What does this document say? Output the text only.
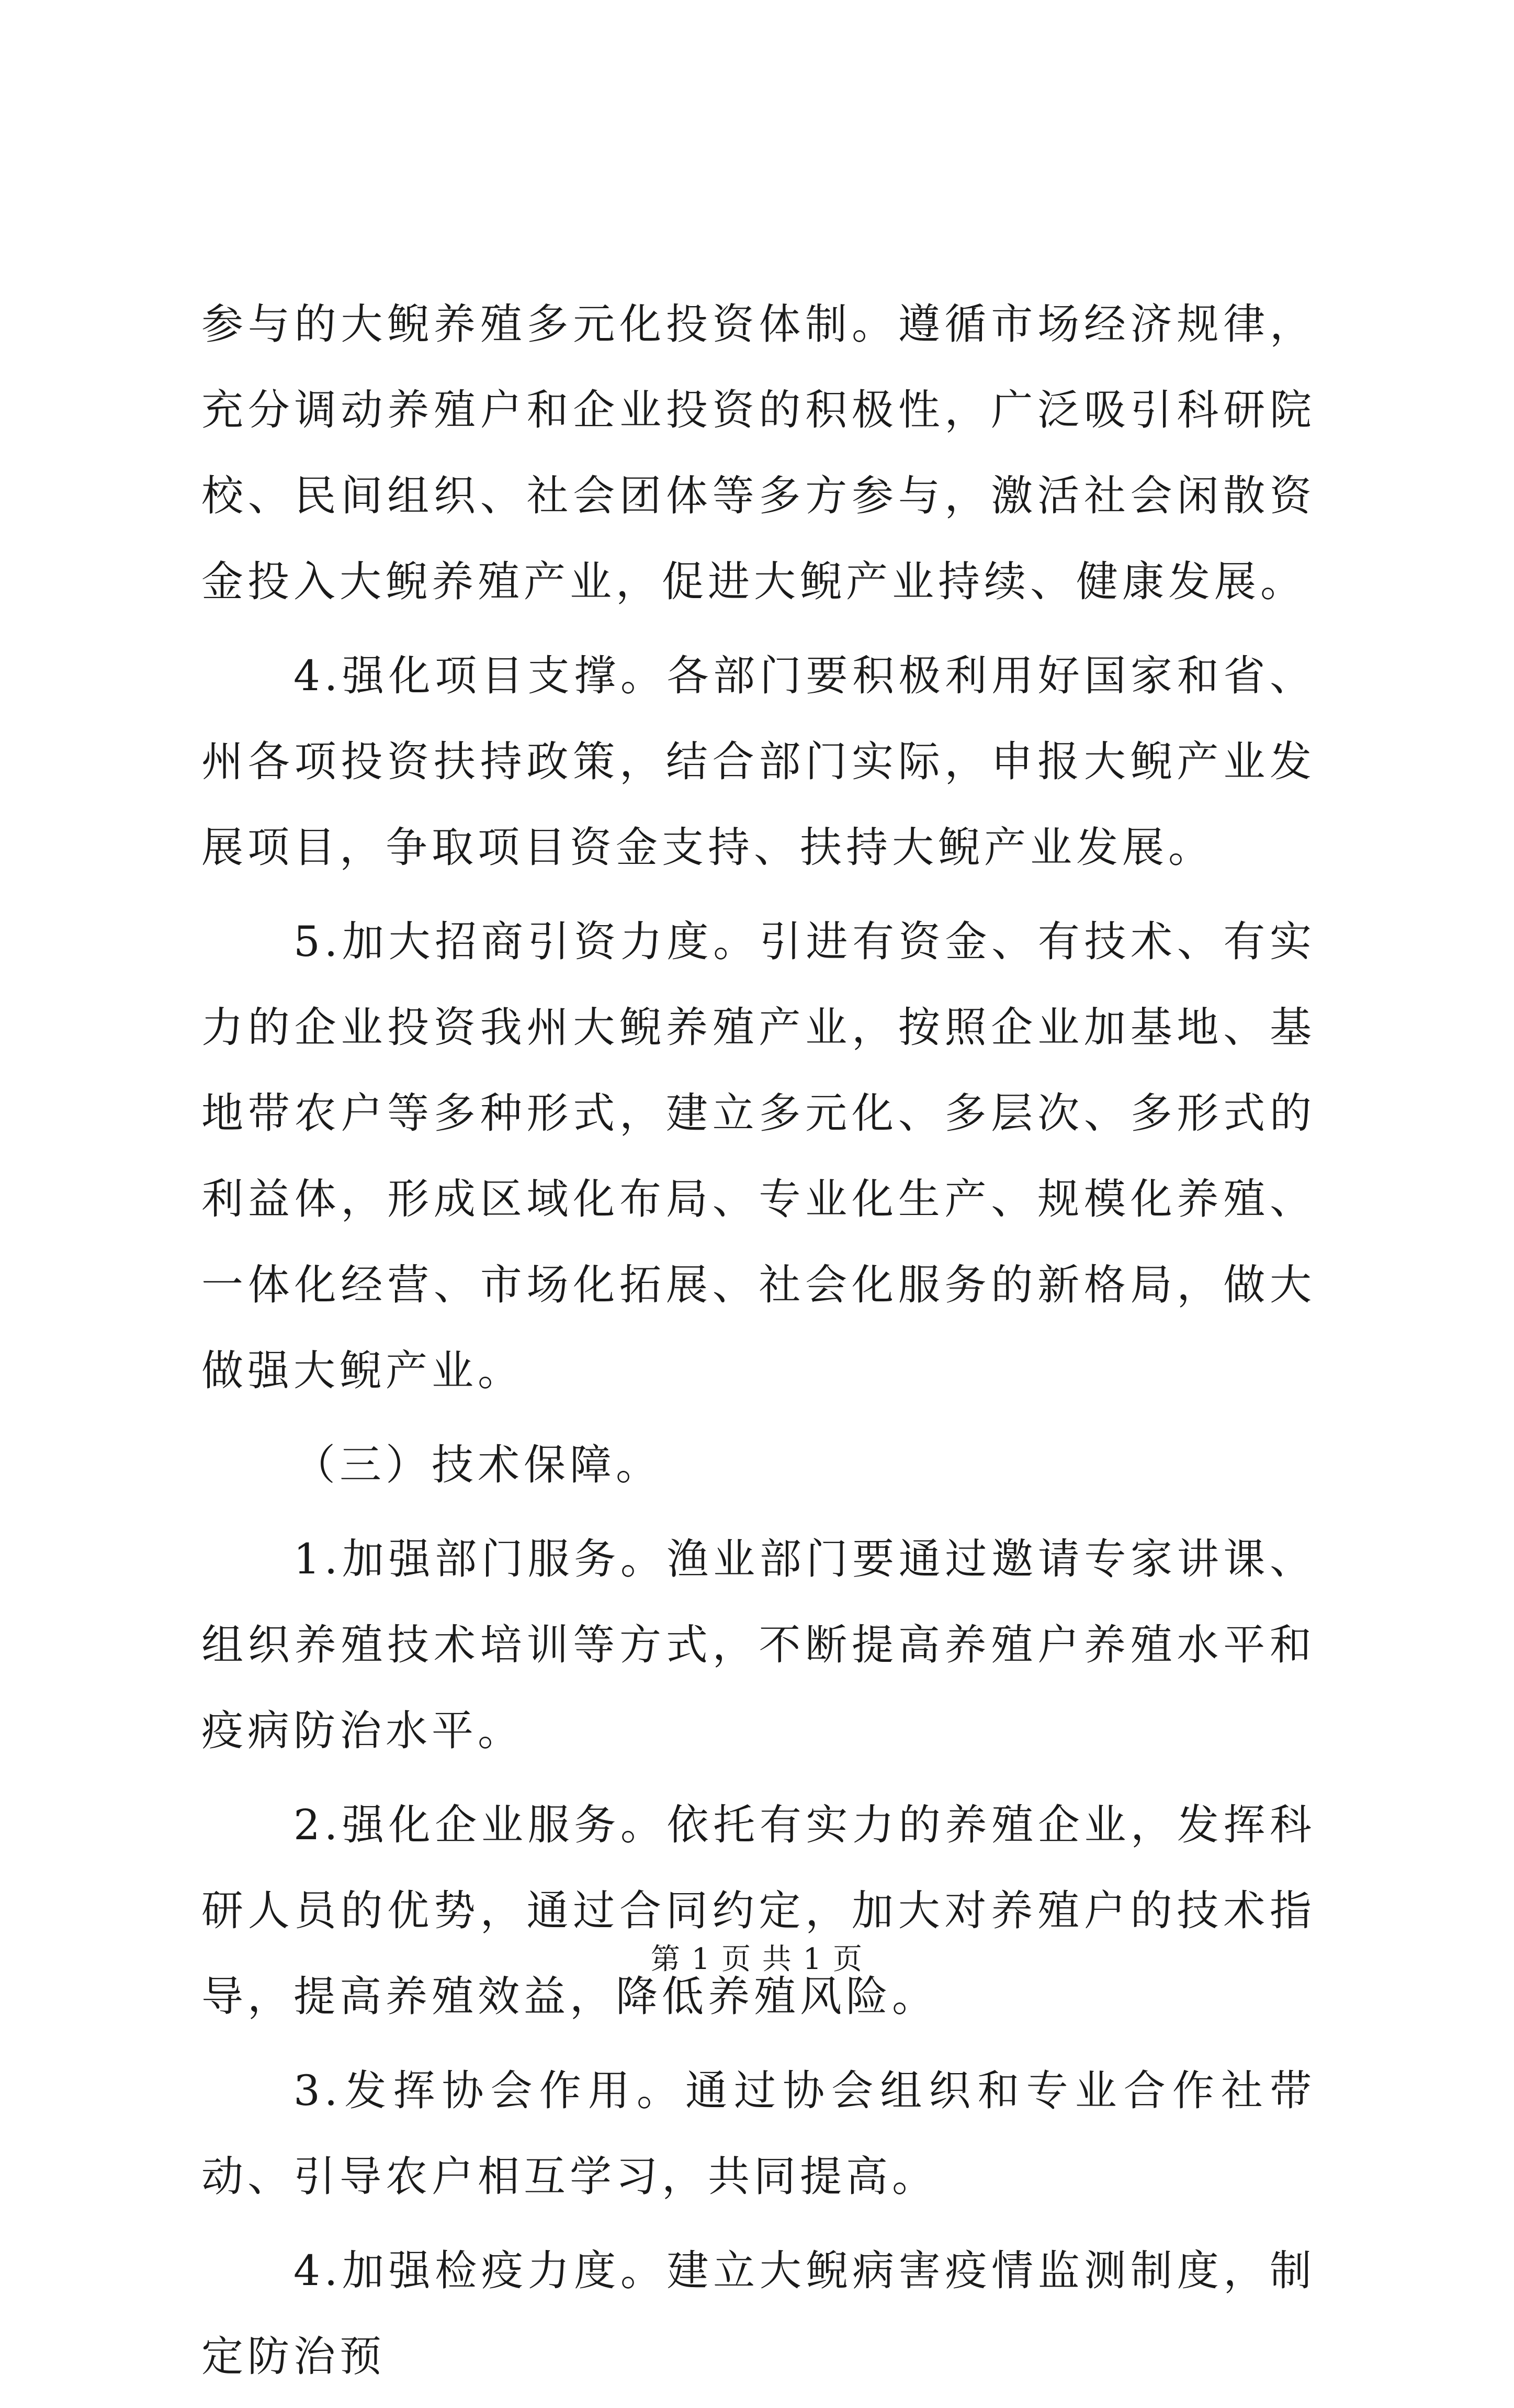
参与的大鲵养殖多元化投资体制。遵循市场经济规律，充分调动养殖户和企业投资的积极性，广泛吸引科研院校、民间组织、社会团体等多方参与，激活社会闲散资金投入大鲵养殖产业，促进大鲵产业持续、健康发展。

4.强化项目支撑。各部门要积极利用好国家和省、州各项投资扶持政策，结合部门实际，申报大鲵产业发展项目，争取项目资金支持、扶持大鲵产业发展。

5.加大招商引资力度。引进有资金、有技术、有实力的企业投资我州大鲵养殖产业，按照企业加基地、基地带农户等多种形式，建立多元化、多层次、多形式的利益体，形成区域化布局、专业化生产、规模化养殖、一体化经营、市场化拓展、社会化服务的新格局，做大做强大鲵产业。

（三）技术保障。

1.加强部门服务。渔业部门要通过邀请专家讲课、组织养殖技术培训等方式，不断提高养殖户养殖水平和疫病防治水平。

2.强化企业服务。依托有实力的养殖企业，发挥科研人员的优势，通过合同约定，加大对养殖户的技术指导，提高养殖效益，降低养殖风险。

3.发挥协会作用。通过协会组织和专业合作社带动、引导农户相互学习，共同提高。

4.加强检疫力度。建立大鲵病害疫情监测制度，制定防治预

第 1 页 共 1 页
